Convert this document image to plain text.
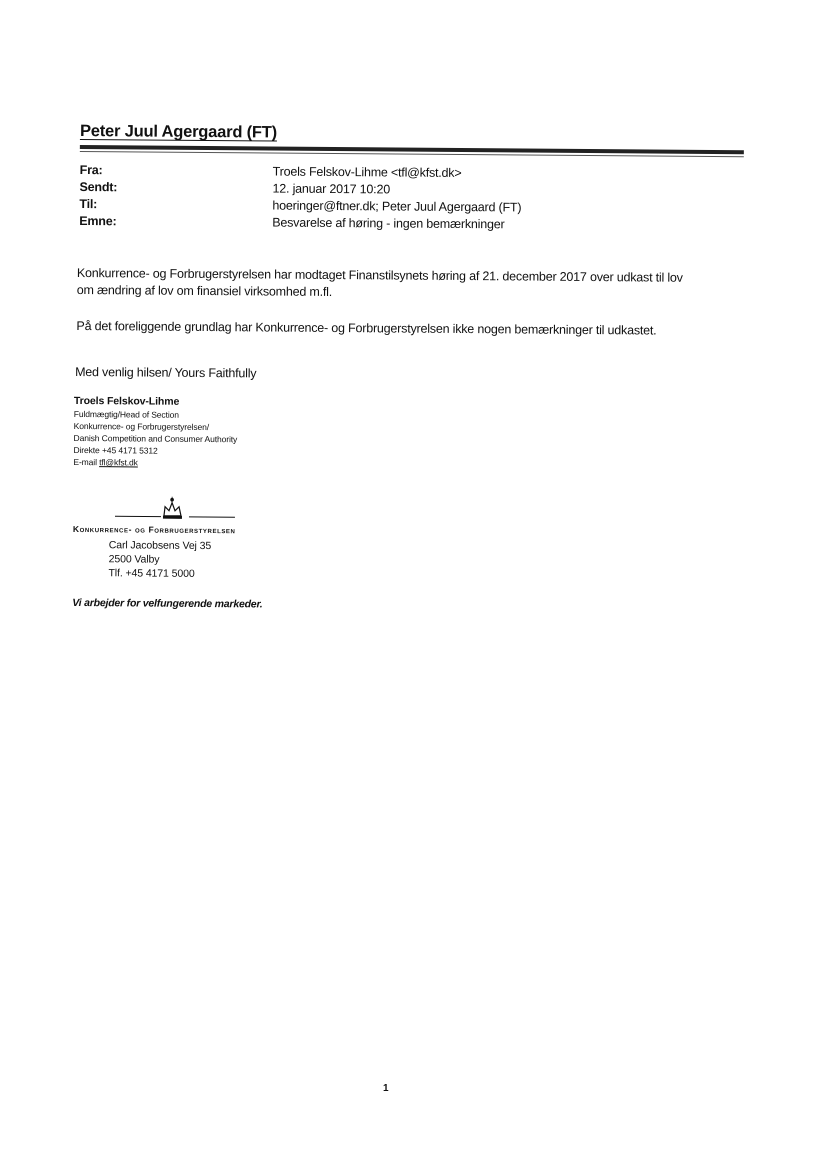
Peter Juul Agergaard (FT)
Fra:	Troels Felskov-Lihme <tfl@kfst.dk>
Sendt:	12. januar 2017 10:20
Til:	hoeringer@ftner.dk; Peter Juul Agergaard (FT)
Emne:	Besvarelse af høring - ingen bemærkninger
Konkurrence- og Forbrugerstyrelsen har modtaget Finanstilsynets høring af 21. december 2017 over udkast til lov
om ændring af lov om finansiel virksomhed m.fl.
På det foreliggende grundlag har Konkurrence- og Forbrugerstyrelsen ikke nogen bemærkninger til udkastet.
Med venlig hilsen/ Yours Faithfully
Troels Felskov-Lihme
Fuldmægtig/Head of Section
Konkurrence- og Forbrugerstyrelsen/
Danish Competition and Consumer Authority
Direkte +45 4171 5312
E-mail tfl@kfst.dk
Konkurrence- og Forbrugerstyrelsen
Carl Jacobsens Vej 35
2500 Valby
Tlf. +45 4171 5000
Vi arbejder for velfungerende markeder.
1
